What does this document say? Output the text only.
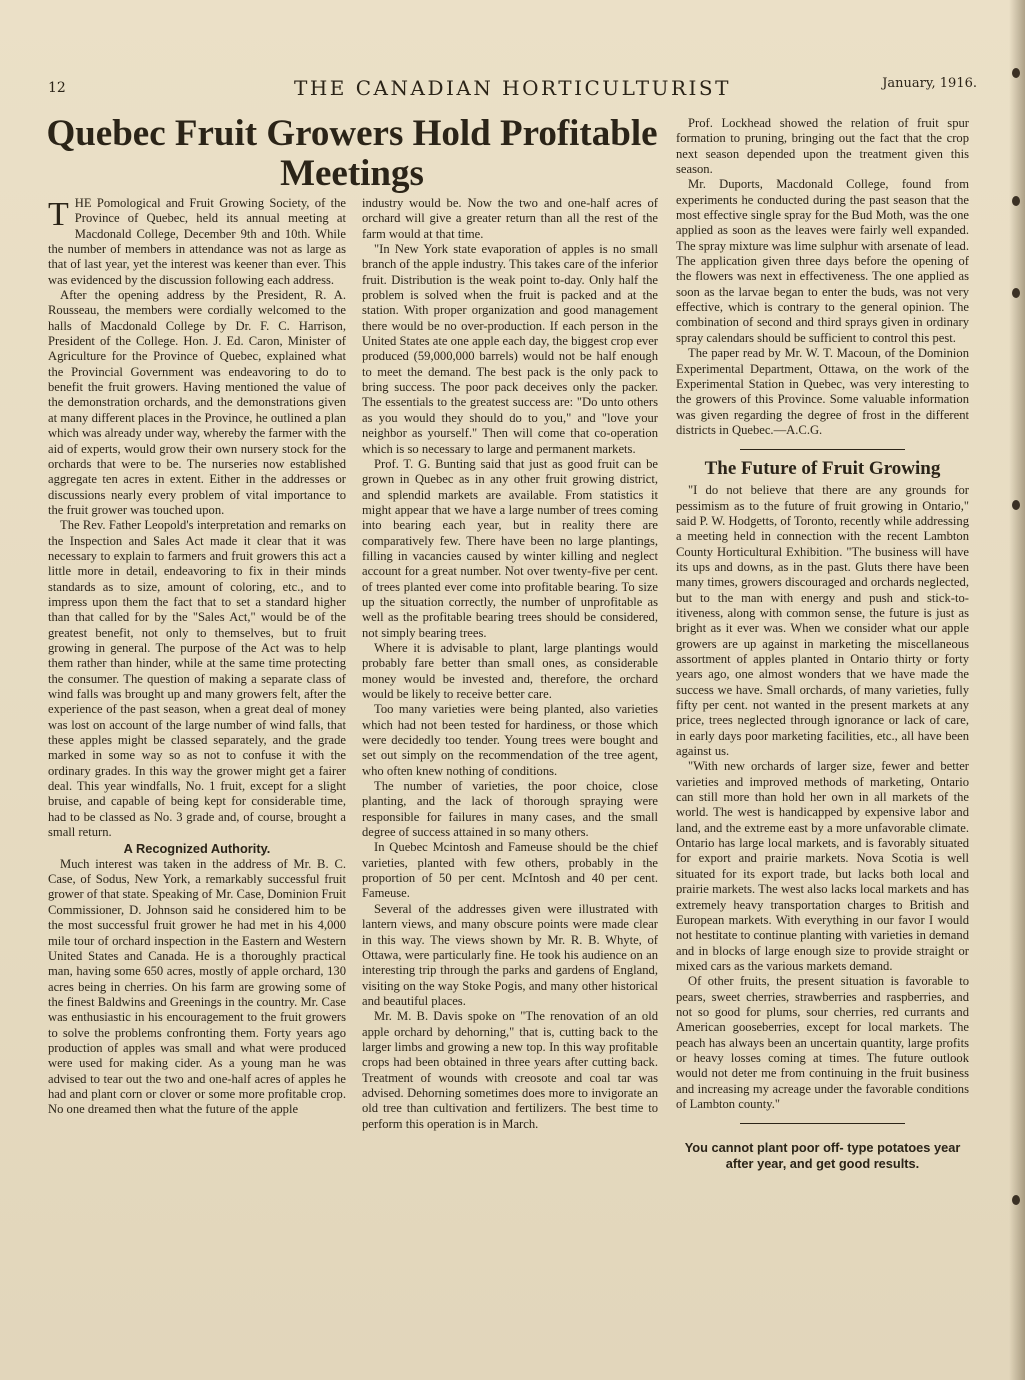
12	THE CANADIAN HORTICULTURIST	January, 1916.
Quebec Fruit Growers Hold Profitable
Meetings

THE Pomological and Fruit Growing Society, of the Province of Quebec, held its annual meeting at Macdonald College, December 9th and 10th. While the number of members in attendance was not as large as that of last year, yet the interest was keener than ever. This was evidenced by the discussion following each address.

After the opening address by the President, R. A. Rousseau, the members were cordially welcomed to the halls of Macdonald College by Dr. F. C. Harrison, President of the College. Hon. J. Ed. Caron, Minister of Agriculture for the Province of Quebec, explained what the Provincial Government was endeavoring to do to benefit the fruit growers. Having mentioned the value of the demonstration orchards, and the demonstrations given at many different places in the Province, he outlined a plan which was already under way, whereby the farmer with the aid of experts, would grow their own nursery stock for the orchards that were to be. The nurseries now established aggregate ten acres in extent. Either in the addresses or discussions nearly every problem of vital importance to the fruit grower was touched upon.

The Rev. Father Leopold's interpretation and remarks on the Inspection and Sales Act made it clear that it was necessary to explain to farmers and fruit growers this act a little more in detail, endeavoring to fix in their minds standards as to size, amount of coloring, etc., and to impress upon them the fact that to set a standard higher than that called for by the "Sales Act," would be of the greatest benefit, not only to themselves, but to fruit growing in general. The purpose of the Act was to help them rather than hinder, while at the same time protecting the consumer. The question of making a separate class of wind falls was brought up and many growers felt, after the experience of the past season, when a great deal of money was lost on account of the large number of wind falls, that these apples might be classed separately, and the grade marked in some way so as not to confuse it with the ordinary grades. In this way the grower might get a fairer deal. This year windfalls, No. 1 fruit, except for a slight bruise, and capable of being kept for considerable time, had to be classed as No. 3 grade and, of course, brought a small return.

A Recognized Authority.

Much interest was taken in the address of Mr. B. C. Case, of Sodus, New York, a remarkably successful fruit grower of that state. Speaking of Mr. Case, Dominion Fruit Commissioner, D. Johnson said he considered him to be the most successful fruit grower he had met in his 4,000 mile tour of orchard inspection in the Eastern and Western United States and Canada. He is a thoroughly practical man, having some 650 acres, mostly of apple orchard, 130 acres being in cherries. On his farm are growing some of the finest Baldwins and Greenings in the country. Mr. Case was enthusiastic in his encouragement to the fruit growers to solve the problems confronting them. Forty years ago production of apples was small and what were produced were used for making cider. As a young man he was advised to tear out the two and one-half acres of apples he had and plant corn or clover or some more profitable crop. No one dreamed then what the future of the apple

industry would be. Now the two and one-half acres of orchard will give a greater return than all the rest of the farm would at that time.

"In New York state evaporation of apples is no small branch of the apple industry. This takes care of the inferior fruit. Distribution is the weak point to-day. Only half the problem is solved when the fruit is packed and at the station. With proper organization and good management there would be no over-production. If each person in the United States ate one apple each day, the biggest crop ever produced (59,000,000 barrels) would not be half enough to meet the demand. The best pack is the only pack to bring success. The poor pack deceives only the packer. The essentials to the greatest success are: "Do unto others as you would they should do to you," and "love your neighbor as yourself." Then will come that co-operation which is so necessary to large and permanent markets.

Prof. T. G. Bunting said that just as good fruit can be grown in Quebec as in any other fruit growing district, and splendid markets are available. From statistics it might appear that we have a large number of trees coming into bearing each year, but in reality there are comparatively few. There have been no large plantings, filling in vacancies caused by winter killing and neglect account for a great number. Not over twenty-five per cent. of trees planted ever come into profitable bearing. To size up the situation correctly, the number of unprofitable as well as the profitable bearing trees should be considered, not simply bearing trees.

Where it is advisable to plant, large plantings would probably fare better than small ones, as considerable money would be invested and, therefore, the orchard would be likely to receive better care.

Too many varieties were being planted, also varieties which had not been tested for hardiness, or those which were decidedly too tender. Young trees were bought and set out simply on the recommendation of the tree agent, who often knew nothing of conditions.

The number of varieties, the poor choice, close planting, and the lack of thorough spraying were responsible for failures in many cases, and the small degree of success attained in so many others.

In Quebec Mcintosh and Fameuse should be the chief varieties, planted with few others, probably in the proportion of 50 per cent. McIntosh and 40 per cent. Fameuse.

Several of the addresses given were illustrated with lantern views, and many obscure points were made clear in this way. The views shown by Mr. R. B. Whyte, of Ottawa, were particularly fine. He took his audience on an interesting trip through the parks and gardens of England, visiting on the way Stoke Pogis, and many other historical and beautiful places.

Mr. M. B. Davis spoke on "The renovation of an old apple orchard by dehorning," that is, cutting back to the larger limbs and growing a new top. In this way profitable crops had been obtained in three years after cutting back. Treatment of wounds with creosote and coal tar was advised. Dehorning sometimes does more to invigorate an old tree than cultivation and fertilizers. The best time to perform this operation is in March.

Prof. Lockhead showed the relation of fruit spur formation to pruning, bringing out the fact that the crop next season depended upon the treatment given this season.

Mr. Duports, Macdonald College, found from experiments he conducted during the past season that the most effective single spray for the Bud Moth, was the one applied as soon as the leaves were fairly well expanded. The spray mixture was lime sulphur with arsenate of lead. The application given three days before the opening of the flowers was next in effectiveness. The one applied as soon as the larvae began to enter the buds, was not very effective, which is contrary to the general opinion. The combination of second and third sprays given in ordinary spray calendars should be sufficient to control this pest.

The paper read by Mr. W. T. Macoun, of the Dominion Experimental Department, Ottawa, on the work of the Experimental Station in Quebec, was very interesting to the growers of this Province. Some valuable information was given regarding the degree of frost in the different districts in Quebec.—A.C.G.

The Future of Fruit Growing

"I do not believe that there are any grounds for pessimism as to the future of fruit growing in Ontario," said P. W. Hodgetts, of Toronto, recently while addressing a meeting held in connection with the recent Lambton County Horticultural Exhibition. "The business will have its ups and downs, as in the past. Gluts there have been many times, growers discouraged and orchards neglected, but to the man with energy and push and stick-to-itiveness, along with common sense, the future is just as bright as it ever was. When we consider what our apple growers are up against in marketing the miscellaneous assortment of apples planted in Ontario thirty or forty years ago, one almost wonders that we have made the success we have. Small orchards, of many varieties, fully fifty per cent. not wanted in the present markets at any price, trees neglected through ignorance or lack of care, in early days poor marketing facilities, etc., all have been against us.

"With new orchards of larger size, fewer and better varieties and improved methods of marketing, Ontario can still more than hold her own in all markets of the world. The west is handicapped by expensive labor and land, and the extreme east by a more unfavorable climate. Ontario has large local markets, and is favorably situated for export and prairie markets. Nova Scotia is well situated for its export trade, but lacks both local and prairie markets. The west also lacks local markets and has extremely heavy transportation charges to British and European markets. With everything in our favor I would not hestitate to continue planting with varieties in demand and in blocks of large enough size to provide straight or mixed cars as the various markets demand.

Of other fruits, the present situation is favorable to pears, sweet cherries, strawberries and raspberries, and not so good for plums, sour cherries, red currants and American gooseberries, except for local markets. The peach has always been an uncertain quantity, large profits or heavy losses coming at times. The future outlook would not deter me from continuing in the fruit business and increasing my acreage under the favorable conditions of Lambton county."

You cannot plant poor off- type potatoes year after year, and get good results.
